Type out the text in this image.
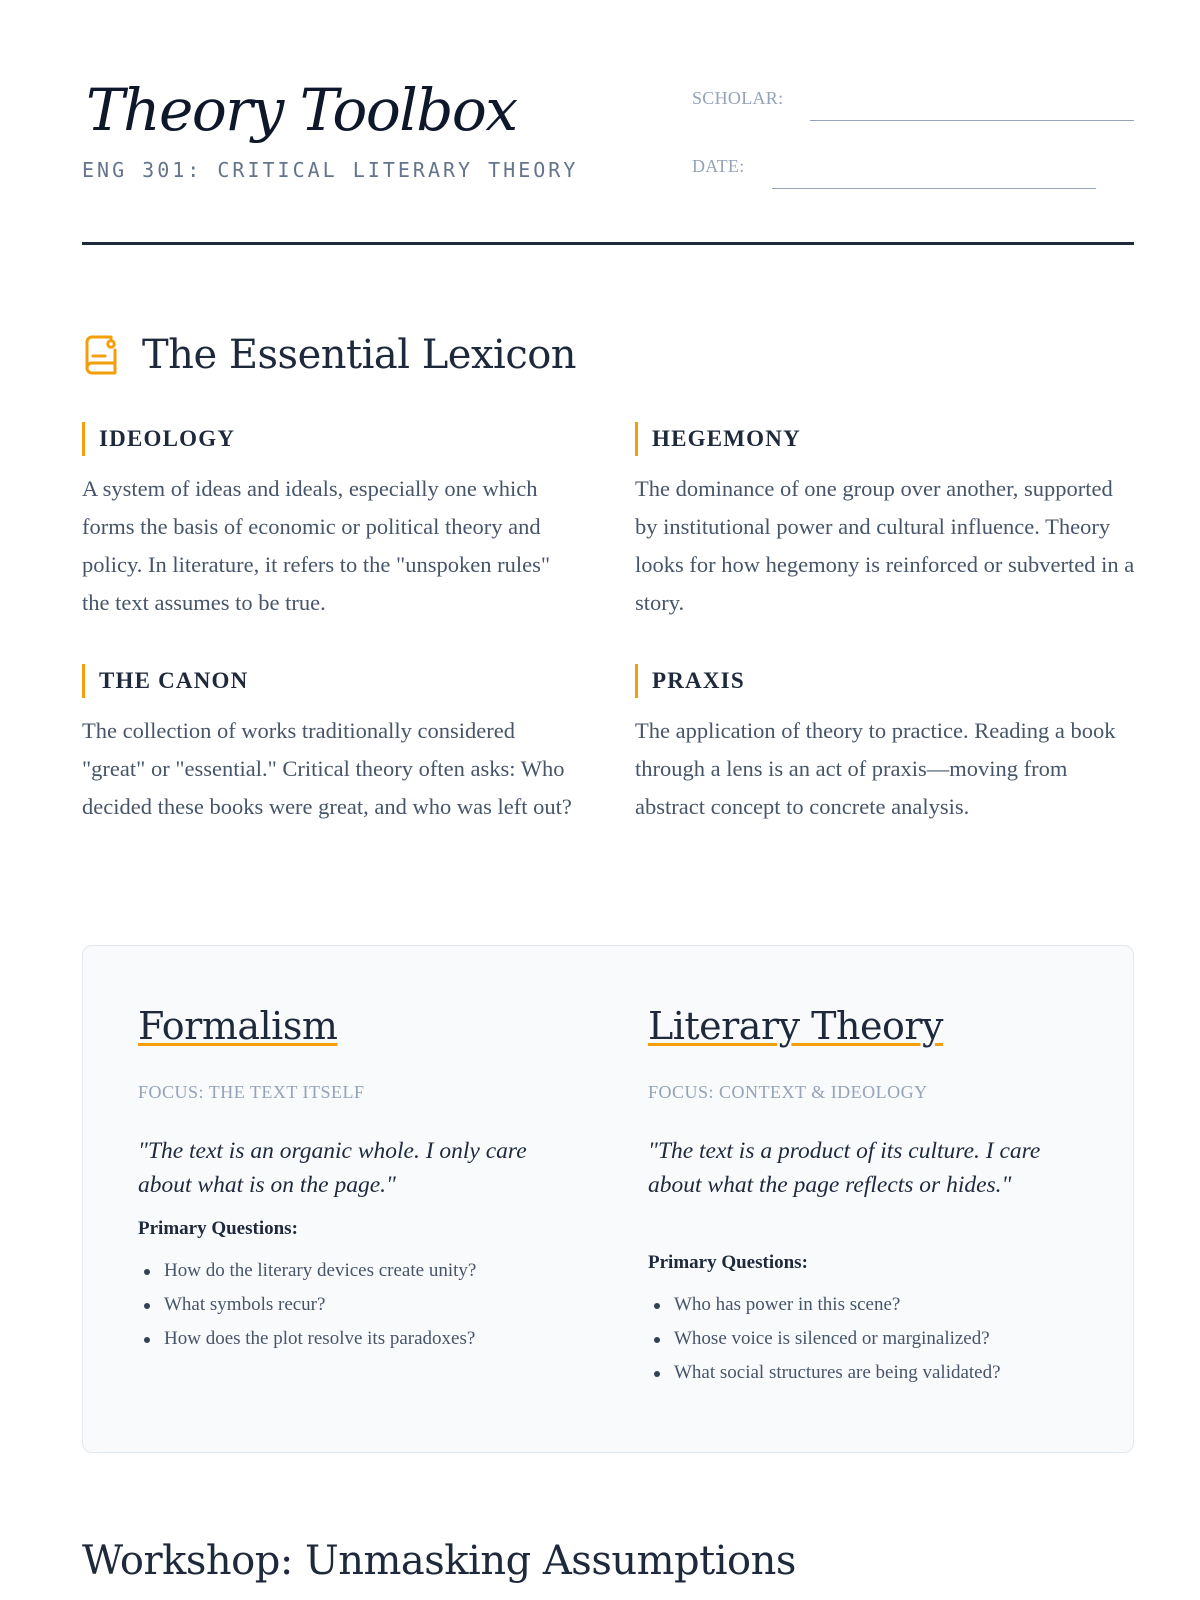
Theory Toolbox
ENG 301: CRITICAL LITERARY THEORY
SCHOLAR:
DATE:
The Essential Lexicon
IDEOLOGY
A system of ideas and ideals, especially one which forms the basis of economic or political theory and policy. In literature, it refers to the "unspoken rules" the text assumes to be true.
HEGEMONY
The dominance of one group over another, supported by institutional power and cultural influence. Theory looks for how hegemony is reinforced or subverted in a story.
THE CANON
The collection of works traditionally considered "great" or "essential." Critical theory often asks: Who decided these books were great, and who was left out?
PRAXIS
The application of theory to practice. Reading a book through a lens is an act of praxis—moving from abstract concept to concrete analysis.
Formalism
FOCUS: THE TEXT ITSELF
"The text is an organic whole. I only care about what is on the page."
Primary Questions:
How do the literary devices create unity?
What symbols recur?
How does the plot resolve its paradoxes?
Literary Theory
FOCUS: CONTEXT & IDEOLOGY
"The text is a product of its culture. I care about what the page reflects or hides."
Primary Questions:
Who has power in this scene?
Whose voice is silenced or marginalized?
What social structures are being validated?
Workshop: Unmasking Assumptions
